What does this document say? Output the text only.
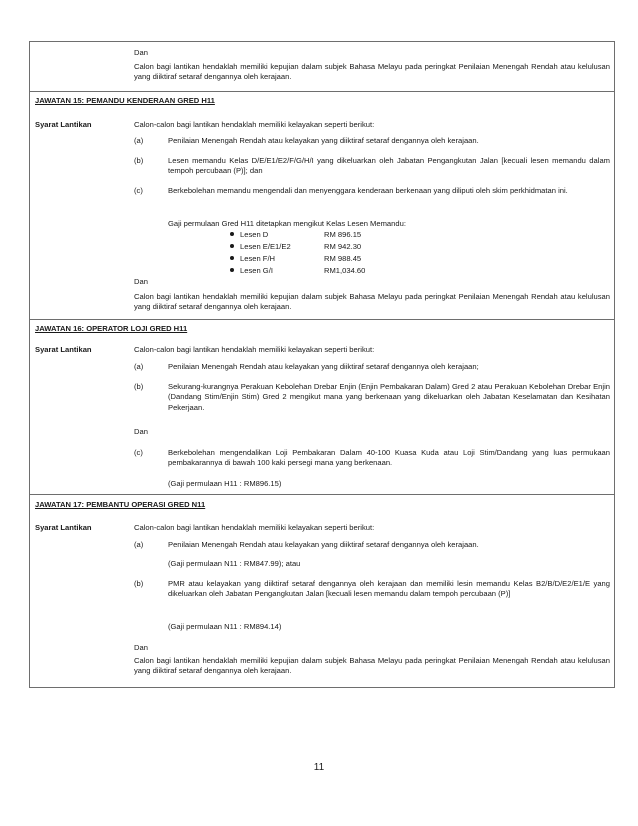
Dan
Calon bagi lantikan hendaklah memiliki kepujian dalam subjek Bahasa Melayu pada peringkat Penilaian Menengah Rendah atau kelulusan yang diiktiraf setaraf dengannya oleh kerajaan.
JAWATAN 15: PEMANDU KENDERAAN GRED H11
Syarat Lantikan	Calon-calon bagi lantikan hendaklah memiliki kelayakan seperti berikut:
(a)	Penilaian Menengah Rendah atau kelayakan yang diiktiraf setaraf dengannya oleh kerajaan.
(b)	Lesen memandu Kelas D/E/E1/E2/F/G/H/I yang dikeluarkan oleh Jabatan Pengangkutan Jalan [kecuali lesen memandu dalam tempoh percubaan (P)]; dan
(c)	Berkebolehan memandu mengendali dan menyenggara kenderaan berkenaan yang diliputi oleh skim perkhidmatan ini.
Gaji permulaan Gred H11 ditetapkan mengikut Kelas Lesen Memandu:
Lesen D	RM 896.15
Lesen E/E1/E2	RM 942.30
Lesen F/H	RM 988.45
Lesen G/I	RM1,034.60
Dan
Calon bagi lantikan hendaklah memiliki kepujian dalam subjek Bahasa Melayu pada peringkat Penilaian Menengah Rendah atau kelulusan yang diiktiraf setaraf dengannya oleh kerajaan.
JAWATAN 16: OPERATOR LOJI GRED H11
Syarat Lantikan	Calon-calon bagi lantikan hendaklah memiliki kelayakan seperti berikut:
(a)	Penilaian Menengah Rendah atau kelayakan yang diiktiraf setaraf dengannya oleh kerajaan;
(b)	Sekurang-kurangnya Perakuan Kebolehan Drebar Enjin (Enjin Pembakaran Dalam) Gred 2 atau Perakuan Kebolehan Drebar Enjin (Dandang Stim/Enjin Stim) Gred 2 mengikut mana yang berkenaan yang dikeluarkan oleh Jabatan Keselamatan dan Kesihatan Pekerjaan.
Dan
(c)	Berkebolehan mengendalikan Loji Pembakaran Dalam 40-100 Kuasa Kuda atau Loji Stim/Dandang yang luas permukaan pembakarannya di bawah 100 kaki persegi mana yang berkenaan.
(Gaji permulaan H11 : RM896.15)
JAWATAN 17: PEMBANTU OPERASI GRED N11
Syarat Lantikan	Calon-calon bagi lantikan hendaklah memiliki kelayakan seperti berikut:
(a)	Penilaian Menengah Rendah atau kelayakan yang diiktiraf setaraf dengannya oleh kerajaan.
(Gaji permulaan N11 : RM847.99); atau
(b)	PMR atau kelayakan yang diiktiraf setaraf dengannya oleh kerajaan dan memiliki lesin memandu Kelas B2/B/D/E2/E1/E yang dikeluarkan oleh Jabatan Pengangkutan Jalan [kecuali lesen memandu dalam tempoh percubaan (P)]
(Gaji permulaan N11 : RM894.14)
Dan
Calon bagi lantikan hendaklah memiliki kepujian dalam subjek Bahasa Melayu pada peringkat Penilaian Menengah Rendah atau kelulusan yang diiktiraf setaraf dengannya oleh kerajaan.
11
